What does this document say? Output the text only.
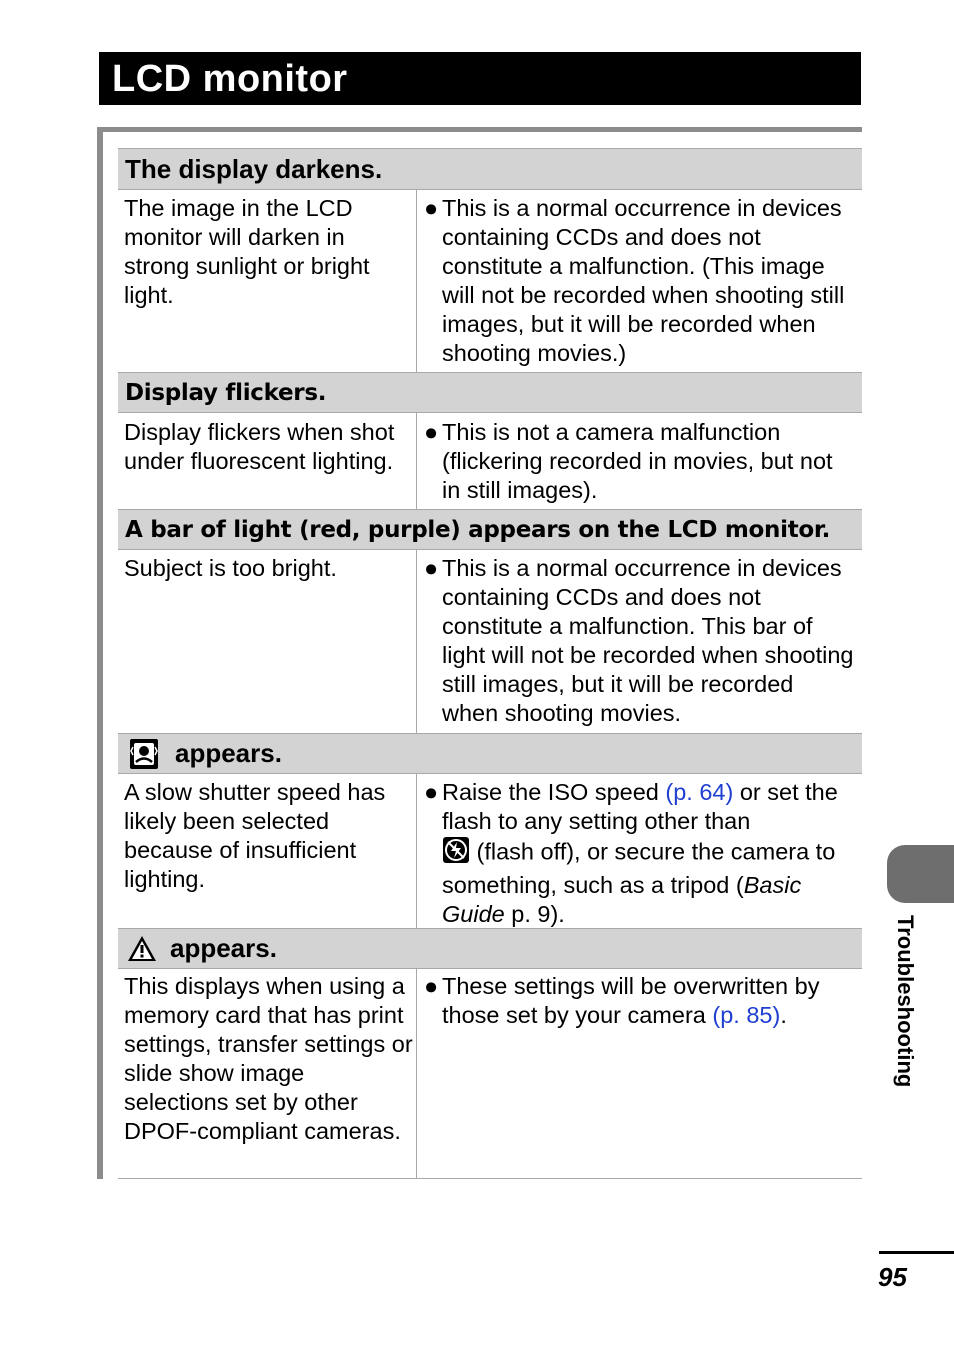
LCD monitor
The display darkens.
The image in the LCD monitor will darken in strong sunlight or bright light.
● This is a normal occurrence in devices containing CCDs and does not constitute a malfunction. (This image will not be recorded when shooting still images, but it will be recorded when shooting movies.)
Display flickers.
Display flickers when shot under fluorescent lighting.
● This is not a camera malfunction (flickering recorded in movies, but not in still images).
A bar of light (red, purple) appears on the LCD monitor.
Subject is too bright.	● This is a normal occurrence in devices containing CCDs and does not constitute a malfunction. This bar of light will not be recorded when shooting still images, but it will be recorded when shooting movies.
appears.
A slow shutter speed has likely been selected because of insufficient lighting.
● Raise the ISO speed (p. 64) or set the flash to any setting other than
(flash off), or secure the camera to something, such as a tripod (Basic Guide p. 9).
appears.
This displays when using a memory card that has print settings, transfer settings or slide show image selections set by other DPOF-compliant cameras.
● These settings will be overwritten by those set by your camera (p. 85).	Troubleshooting
95
